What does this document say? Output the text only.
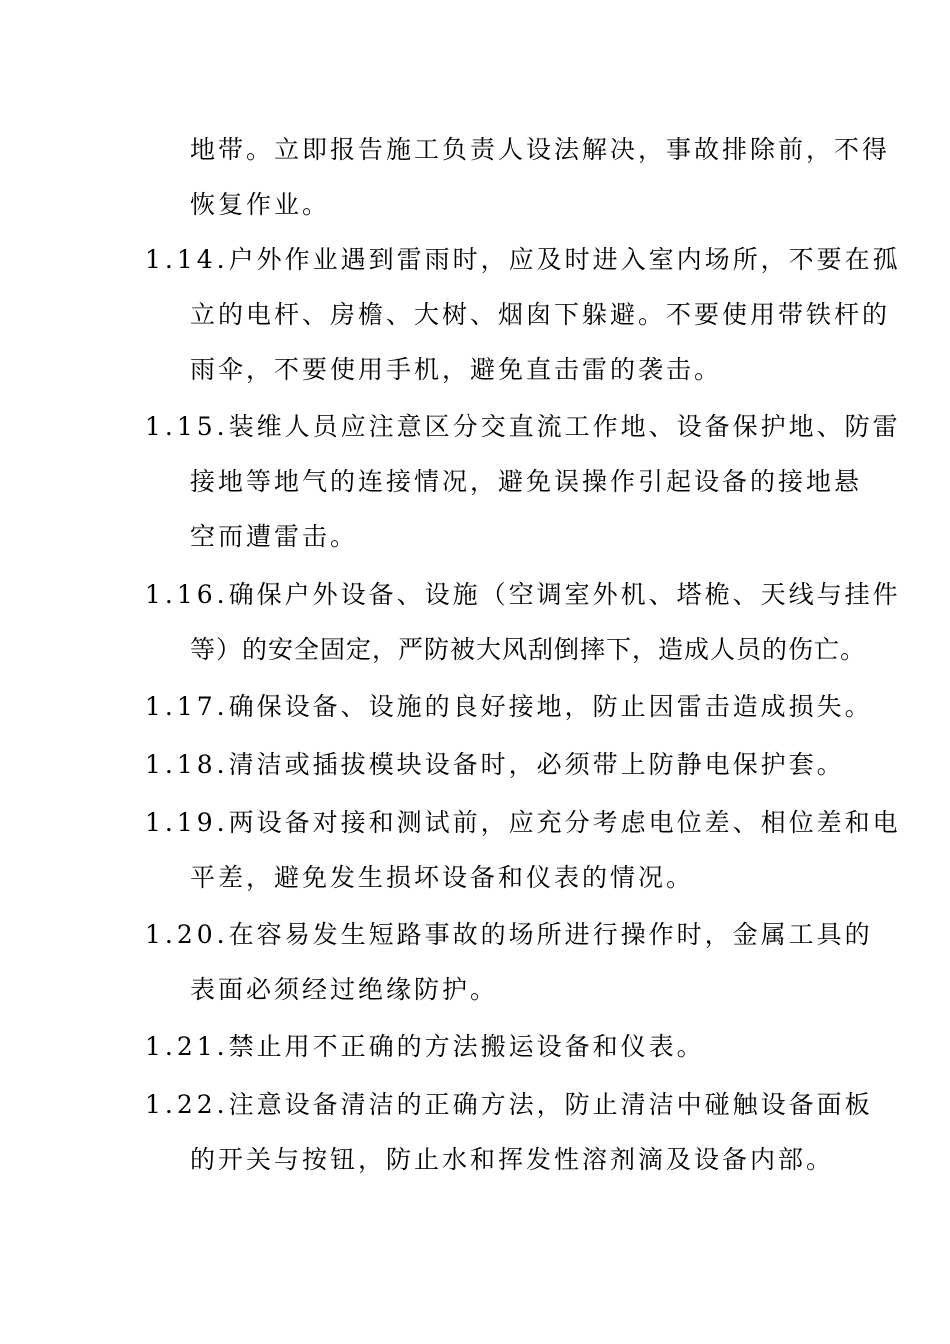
地带。立即报告施工负责人设法解决，事故排除前，不得
恢复作业。
1.14.户外作业遇到雷雨时，应及时进入室内场所，不要在孤
立的电杆、房檐、大树、烟囱下躲避。不要使用带铁杆的
雨伞，不要使用手机，避免直击雷的袭击。
1.15.装维人员应注意区分交直流工作地、设备保护地、防雷
接地等地气的连接情况，避免误操作引起设备的接地悬
空而遭雷击。
1.16.确保户外设备、设施（空调室外机、塔桅、天线与挂件
等）的安全固定，严防被大风刮倒摔下，造成人员的伤亡。
1.17.确保设备、设施的良好接地，防止因雷击造成损失。
1.18.清洁或插拔模块设备时，必须带上防静电保护套。
1.19.两设备对接和测试前，应充分考虑电位差、相位差和电
平差，避免发生损坏设备和仪表的情况。
1.20.在容易发生短路事故的场所进行操作时，金属工具的
表面必须经过绝缘防护。
1.21.禁止用不正确的方法搬运设备和仪表。
1.22.注意设备清洁的正确方法，防止清洁中碰触设备面板
的开关与按钮，防止水和挥发性溶剂滴及设备内部。
